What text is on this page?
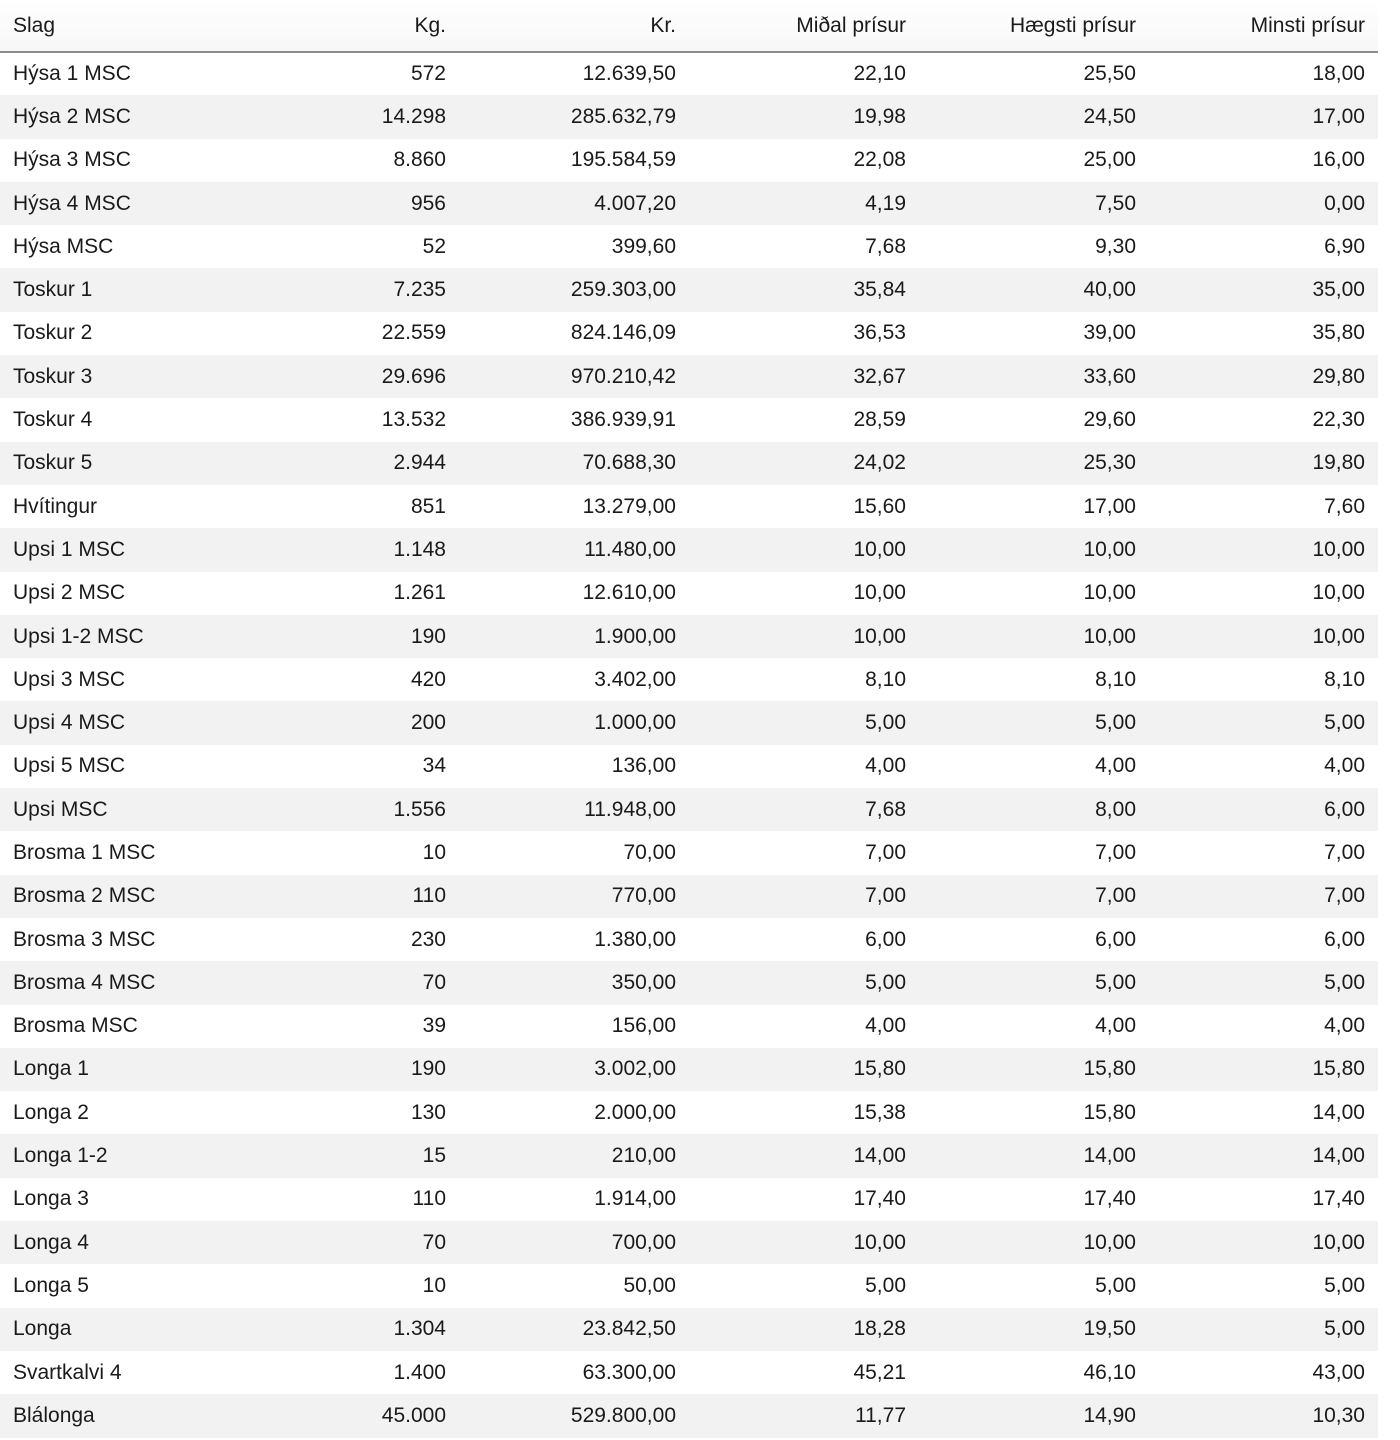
Slag	Kg.	Kr.	Miðal prísur	Hægsti prísur	Minsti prísur
Hýsa 1 MSC	572	12.639,50	22,10	25,50	18,00
Hýsa 2 MSC	14.298	285.632,79	19,98	24,50	17,00
Hýsa 3 MSC	8.860	195.584,59	22,08	25,00	16,00
Hýsa 4 MSC	956	4.007,20	4,19	7,50	0,00
Hýsa MSC	52	399,60	7,68	9,30	6,90
Toskur 1	7.235	259.303,00	35,84	40,00	35,00
Toskur 2	22.559	824.146,09	36,53	39,00	35,80
Toskur 3	29.696	970.210,42	32,67	33,60	29,80
Toskur 4	13.532	386.939,91	28,59	29,60	22,30
Toskur 5	2.944	70.688,30	24,02	25,30	19,80
Hvítingur	851	13.279,00	15,60	17,00	7,60
Upsi 1 MSC	1.148	11.480,00	10,00	10,00	10,00
Upsi 2 MSC	1.261	12.610,00	10,00	10,00	10,00
Upsi 1-2 MSC	190	1.900,00	10,00	10,00	10,00
Upsi 3 MSC	420	3.402,00	8,10	8,10	8,10
Upsi 4 MSC	200	1.000,00	5,00	5,00	5,00
Upsi 5 MSC	34	136,00	4,00	4,00	4,00
Upsi MSC	1.556	11.948,00	7,68	8,00	6,00
Brosma 1 MSC	10	70,00	7,00	7,00	7,00
Brosma 2 MSC	110	770,00	7,00	7,00	7,00
Brosma 3 MSC	230	1.380,00	6,00	6,00	6,00
Brosma 4 MSC	70	350,00	5,00	5,00	5,00
Brosma MSC	39	156,00	4,00	4,00	4,00
Longa 1	190	3.002,00	15,80	15,80	15,80
Longa 2	130	2.000,00	15,38	15,80	14,00
Longa 1-2	15	210,00	14,00	14,00	14,00
Longa 3	110	1.914,00	17,40	17,40	17,40
Longa 4	70	700,00	10,00	10,00	10,00
Longa 5	10	50,00	5,00	5,00	5,00
Longa	1.304	23.842,50	18,28	19,50	5,00
Svartkalvi 4	1.400	63.300,00	45,21	46,10	43,00
Blálonga	45.000	529.800,00	11,77	14,90	10,30
